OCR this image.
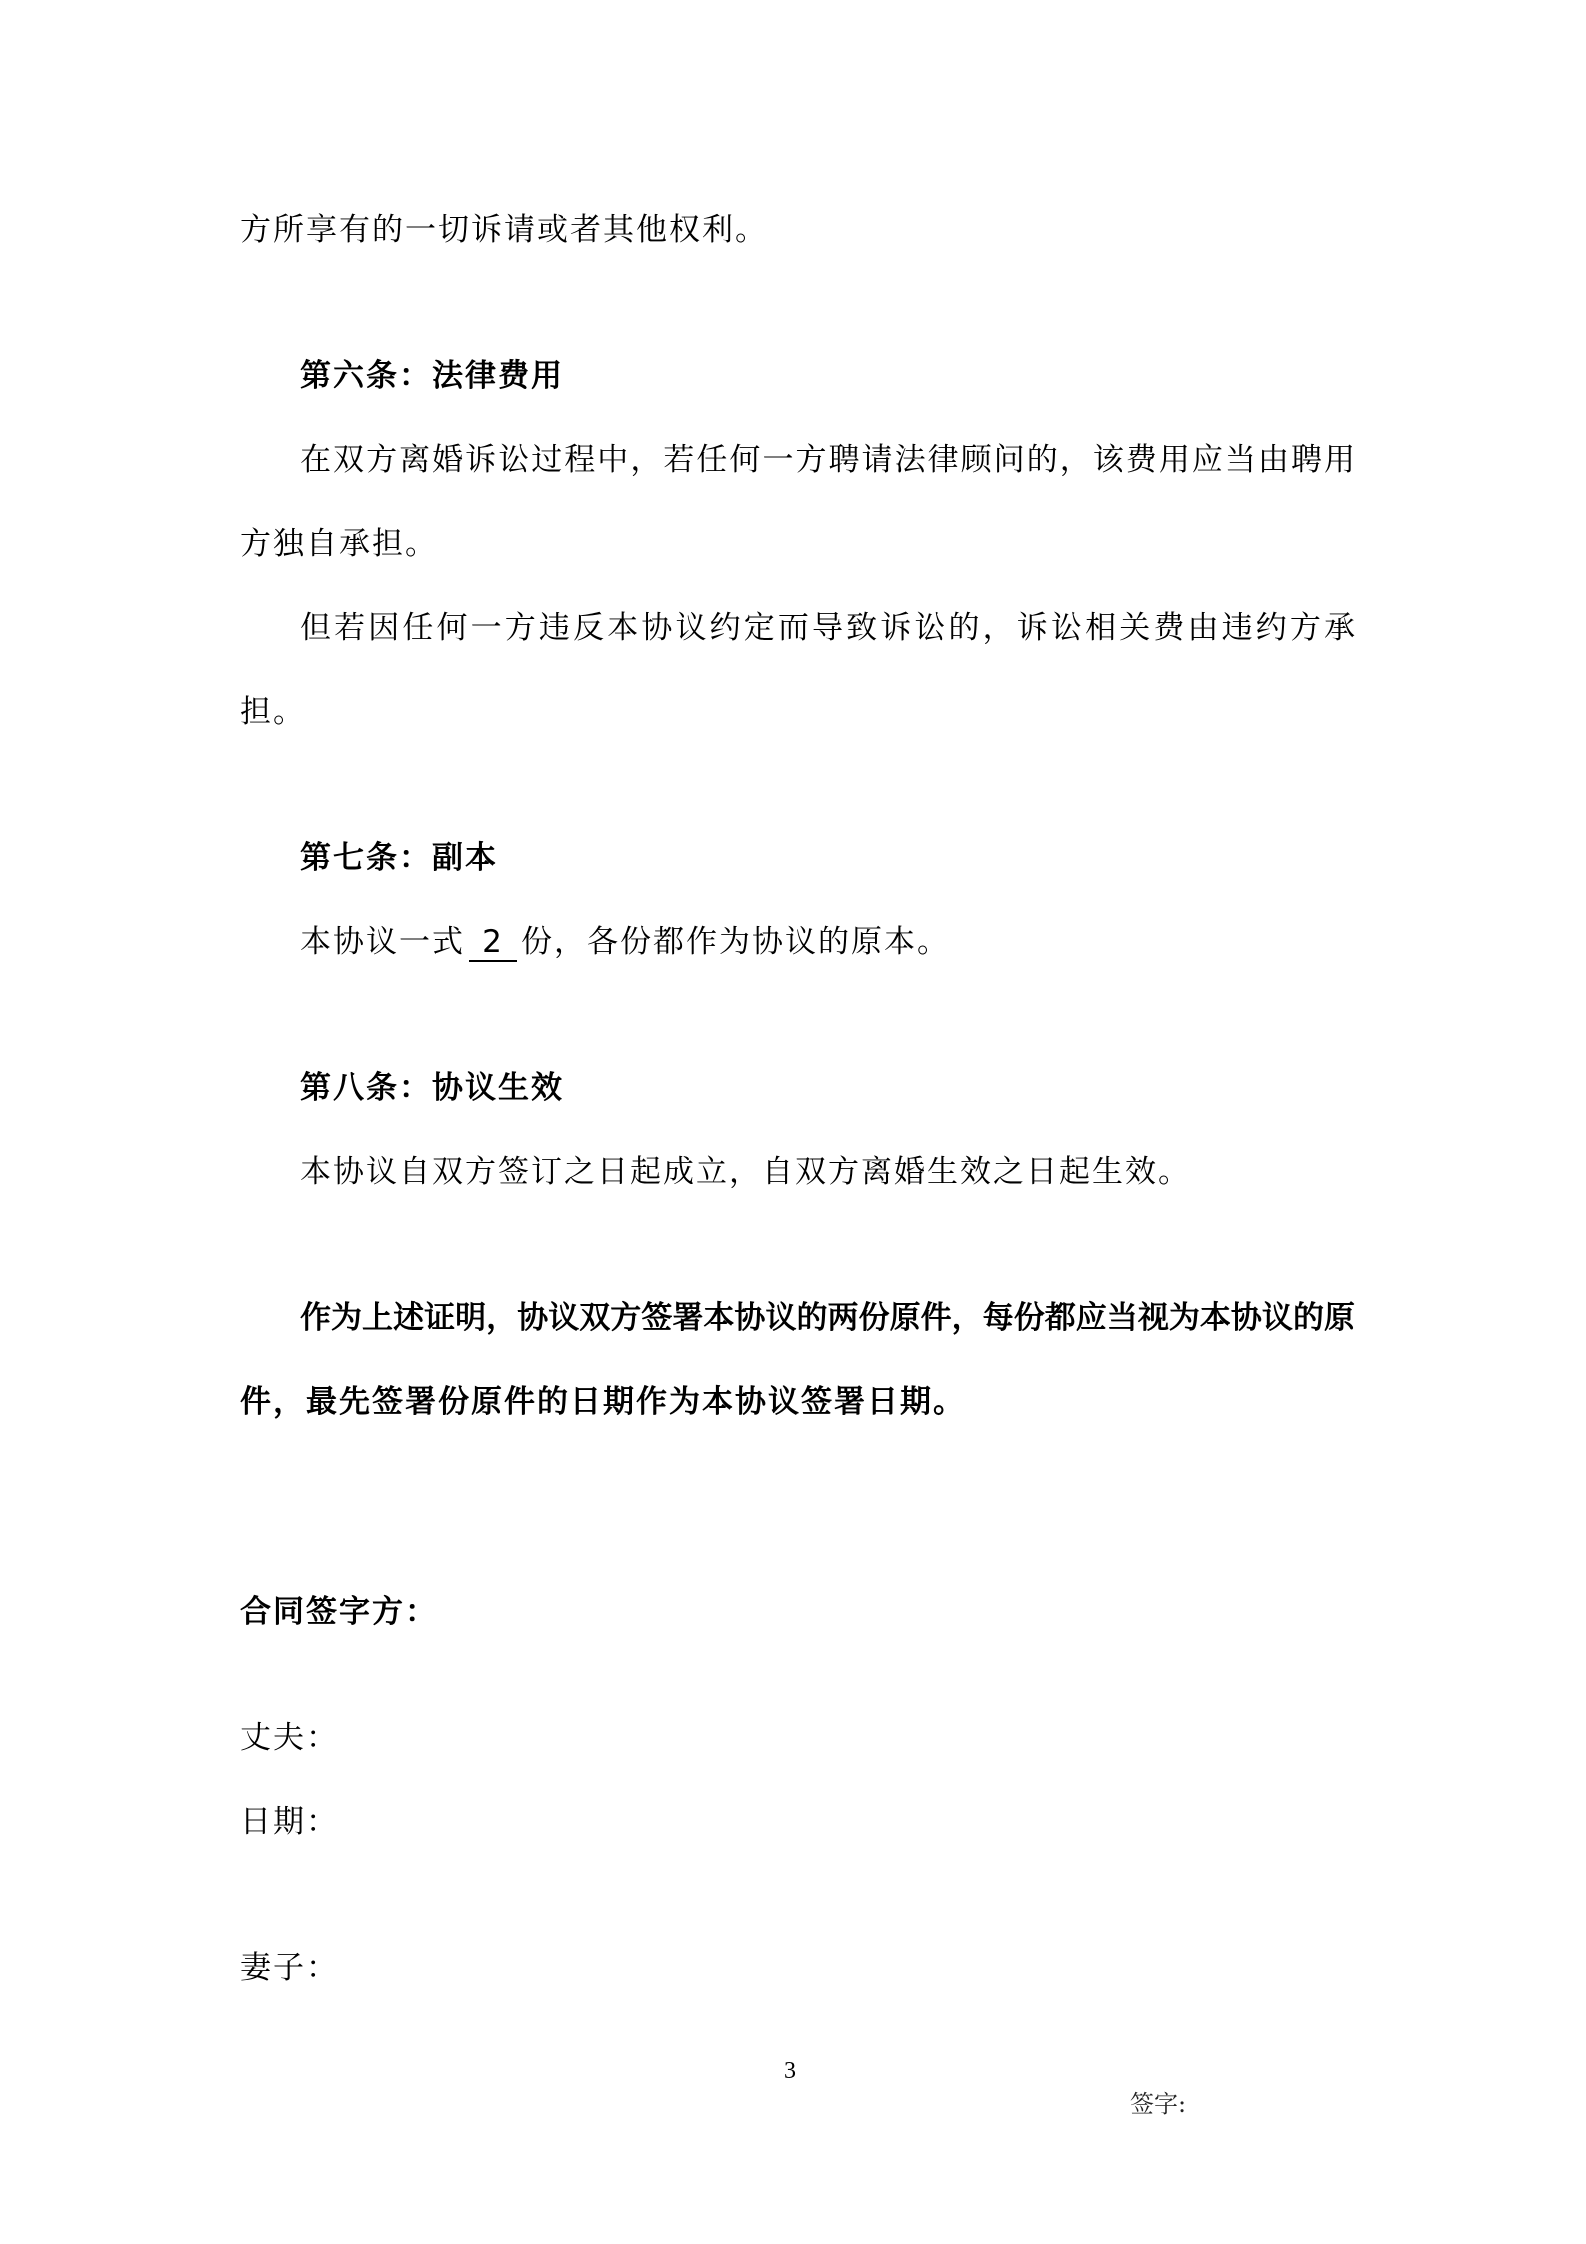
方所享有的一切诉请或者其他权利。
第六条：法律费用
在双方离婚诉讼过程中，若任何一方聘请法律顾问的，该费用应当由聘用
方独自承担。
但若因任何一方违反本协议约定而导致诉讼的，诉讼相关费由违约方承
担。
第七条：副本
本协议一式 2 份，各份都作为协议的原本。
第八条：协议生效
本协议自双方签订之日起成立，自双方离婚生效之日起生效。
作为上述证明，协议双方签署本协议的两份原件，每份都应当视为本协议的原
件，最先签署份原件的日期作为本协议签署日期。
合同签字方：
丈夫：
日期：
妻子：
3
签字:
